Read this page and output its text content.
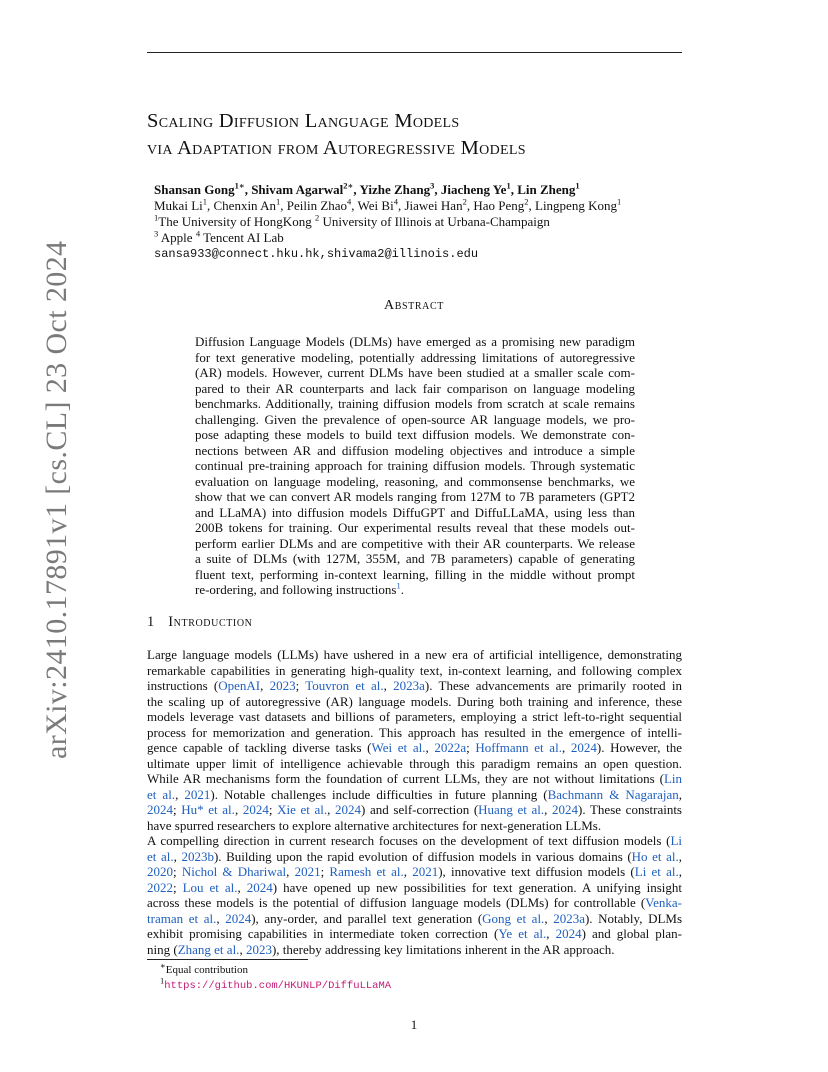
arXiv:2410.17891v1 [cs.CL] 23 Oct 2024
Scaling Diffusion Language Models
via Adaptation from Autoregressive Models
Shansan Gong$^{1∗}$, Shivam Agarwal$^{2∗}$, Yizhe Zhang$^3$, Jiacheng Ye$^1$, Lin Zheng$^1$
Mukai Li$^1$, Chenxin An$^1$, Peilin Zhao$^4$, Wei Bi$^4$, Jiawei Han$^2$, Hao Peng$^2$, Lingpeng Kong$^1$
$^1$The University of HongKong $^2$ University of Illinois at Urbana-Champaign
$^3$ Apple $^4$ Tencent AI Lab
sansa933@connect.hku.hk,shivama2@illinois.edu
Abstract
Diffusion Language Models (DLMs) have emerged as a promising new paradigm
for text generative modeling, potentially addressing limitations of autoregressive
(AR) models. However, current DLMs have been studied at a smaller scale com-
pared to their AR counterparts and lack fair comparison on language modeling
benchmarks. Additionally, training diffusion models from scratch at scale remains
challenging. Given the prevalence of open-source AR language models, we pro-
pose adapting these models to build text diffusion models. We demonstrate con-
nections between AR and diffusion modeling objectives and introduce a simple
continual pre-training approach for training diffusion models. Through systematic
evaluation on language modeling, reasoning, and commonsense benchmarks, we
show that we can convert AR models ranging from 127M to 7B parameters (GPT2
and LLaMA) into diffusion models DiffuGPT and DiffuLLaMA, using less than
200B tokens for training. Our experimental results reveal that these models out-
perform earlier DLMs and are competitive with their AR counterparts. We release
a suite of DLMs (with 127M, 355M, and 7B parameters) capable of generating
fluent text, performing in-context learning, filling in the middle without prompt
re-ordering, and following instructions$^1$.
1 Introduction
Large language models (LLMs) have ushered in a new era of artificial intelligence, demonstrating
remarkable capabilities in generating high-quality text, in-context learning, and following complex
instructions (OpenAI, 2023; Touvron et al., 2023a). These advancements are primarily rooted in
the scaling up of autoregressive (AR) language models. During both training and inference, these
models leverage vast datasets and billions of parameters, employing a strict left-to-right sequential
process for memorization and generation. This approach has resulted in the emergence of intelli-
gence capable of tackling diverse tasks (Wei et al., 2022a; Hoffmann et al., 2024). However, the
ultimate upper limit of intelligence achievable through this paradigm remains an open question.
While AR mechanisms form the foundation of current LLMs, they are not without limitations (Lin
et al., 2021). Notable challenges include difficulties in future planning (Bachmann & Nagarajan,
2024; Hu* et al., 2024; Xie et al., 2024) and self-correction (Huang et al., 2024). These constraints
have spurred researchers to explore alternative architectures for next-generation LLMs.
A compelling direction in current research focuses on the development of text diffusion models (Li
et al., 2023b). Building upon the rapid evolution of diffusion models in various domains (Ho et al.,
2020; Nichol & Dhariwal, 2021; Ramesh et al., 2021), innovative text diffusion models (Li et al.,
2022; Lou et al., 2024) have opened up new possibilities for text generation. A unifying insight
across these models is the potential of diffusion language models (DLMs) for controllable (Venka-
traman et al., 2024), any-order, and parallel text generation (Gong et al., 2023a). Notably, DLMs
exhibit promising capabilities in intermediate token correction (Ye et al., 2024) and global plan-
ning (Zhang et al., 2023), thereby addressing key limitations inherent in the AR approach.
∗Equal contribution
$^1$https://github.com/HKUNLP/DiffuLLaMA
1
